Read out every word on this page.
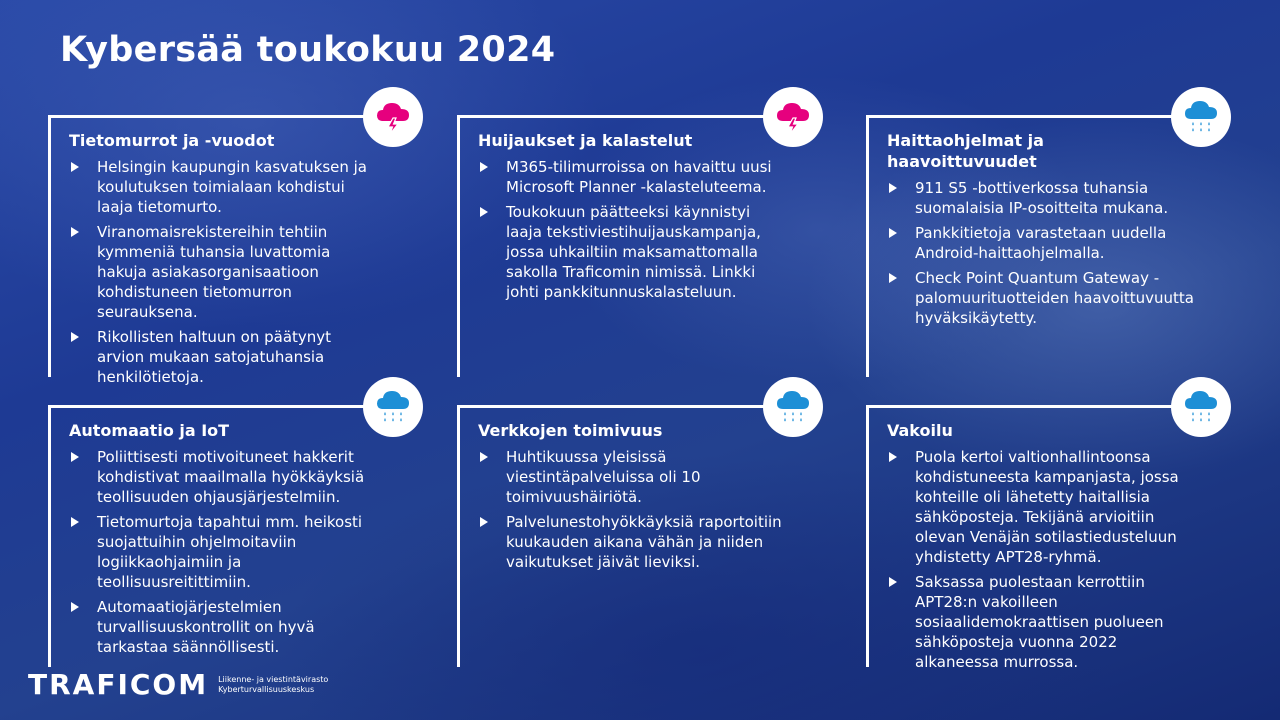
Kybersää toukokuu 2024
Tietomurrot ja -vuodot
Helsingin kaupungin kasvatuksen ja koulutuksen toimialaan kohdistui laaja tietomurto.
Viranomaisrekistereihin tehtiin kymmeniä tuhansia luvattomia hakuja asiakasorganisaatioon kohdistuneen tietomurron seurauksena.
Rikollisten haltuun on päätynyt arvion mukaan satojatuhansia henkilötietoja.
Huijaukset ja kalastelut
M365-tilimurroissa on havaittu uusi Microsoft Planner -kalasteluteema.
Toukokuun päätteeksi käynnistyi laaja tekstiviestihuijauskampanja, jossa uhkailtiin maksamattomalla sakolla Traficomin nimissä. Linkki johti pankkitunnuskalasteluun.
Haittaohjelmat ja haavoittuvuudet
911 S5 -bottiverkossa tuhansia suomalaisia IP-osoitteita mukana.
Pankkitietoja varastetaan uudella Android-haittaohjelmalla.
Check Point Quantum Gateway -palomuurituotteiden haavoittuvuutta hyväksikäytetty.
Automaatio ja IoT
Poliittisesti motivoituneet hakkerit kohdistivat maailmalla hyökkäyksiä teollisuuden ohjausjärjestelmiin.
Tietomurtoja tapahtui mm. heikosti suojattuihin ohjelmoitaviin logiikkaohjaimiin ja teollisuusreitittimiin.
Automaatiojärjestelmien turvallisuuskontrollit on hyvä tarkastaa säännöllisesti.
Verkkojen toimivuus
Huhtikuussa yleisissä viestintäpalveluissa oli 10 toimivuushäiriötä.
Palvelunestohyökkäyksiä raportoitiin kuukauden aikana vähän ja niiden vaikutukset jäivät lieviksi.
Vakoilu
Puola kertoi valtionhallintoonsa kohdistuneesta kampanjasta, jossa kohteille oli lähetetty haitallisia sähköposteja. Tekijänä arvioitiin olevan Venäjän sotilastiedusteluun yhdistetty APT28-ryhmä.
Saksassa puolestaan kerrottiin APT28:n vakoilleen sosiaalidemokraattisen puolueen sähköposteja vuonna 2022 alkaneessa murrossa.
TRAFICOM Liikenne- ja viestintävirasto
Kyberturvallisuuskeskus
